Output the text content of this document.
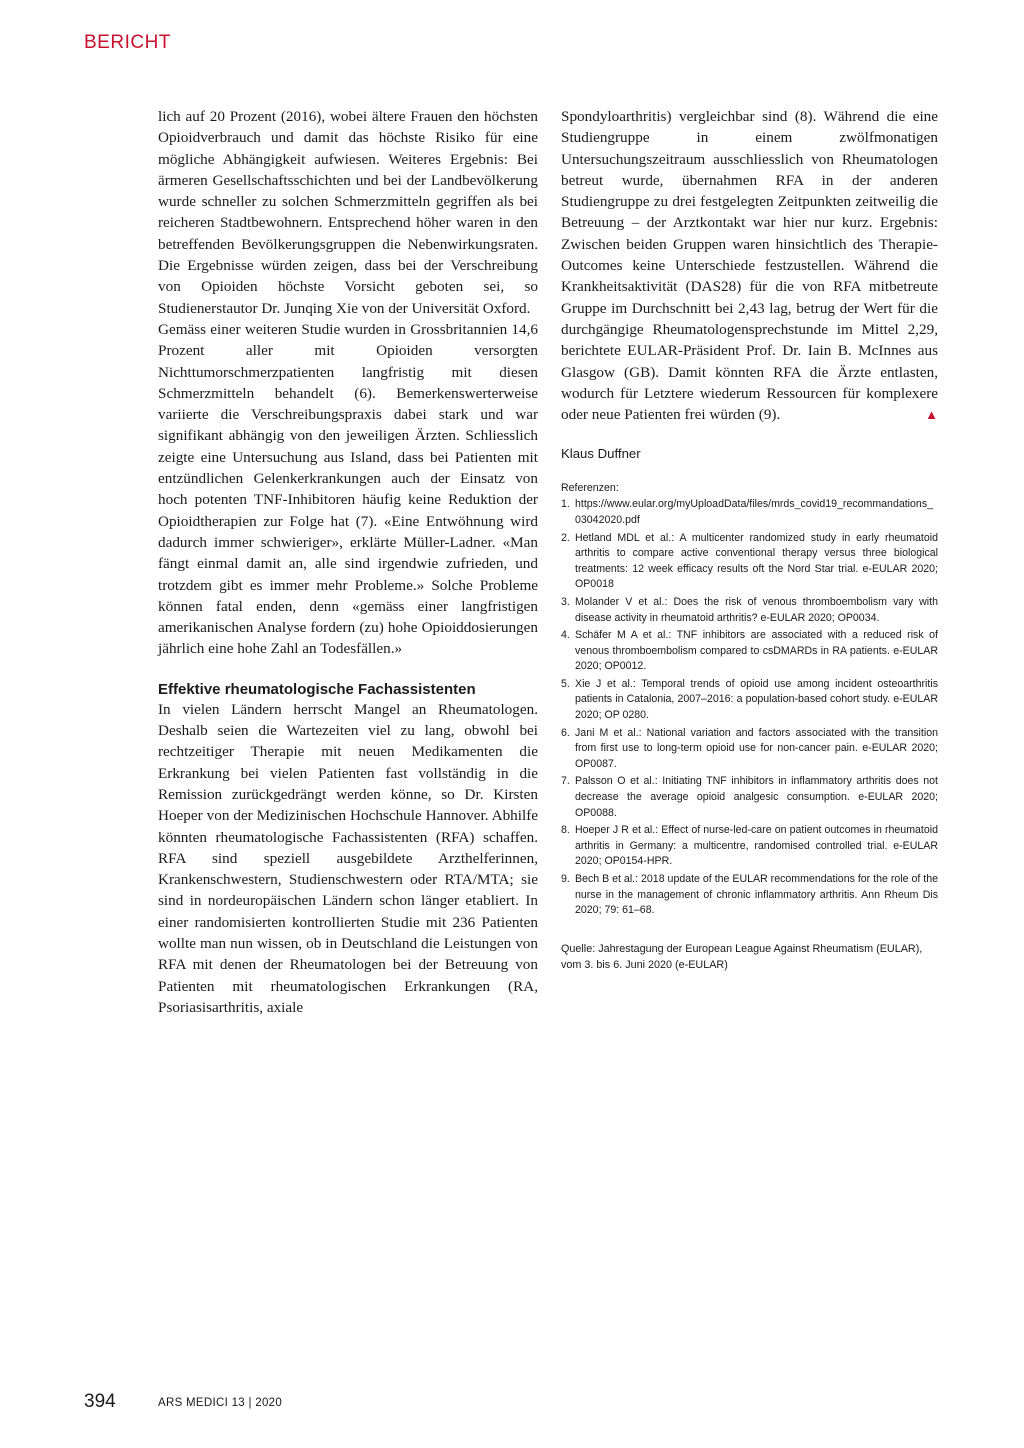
BERICHT

lich auf 20 Prozent (2016), wobei ältere Frauen den höchsten Opioidverbrauch und damit das höchste Risiko für eine mögliche Abhängigkeit aufwiesen. Weiteres Ergebnis: Bei ärmeren Gesellschaftsschichten und bei der Landbevölkerung wurde schneller zu solchen Schmerzmitteln gegriffen als bei reicheren Stadtbewohnern. Entsprechend höher waren in den betreffenden Bevölkerungsgruppen die Nebenwirkungsraten. Die Ergebnisse würden zeigen, dass bei der Verschreibung von Opioiden höchste Vorsicht geboten sei, so Studienerstautor Dr. Junqing Xie von der Universität Oxford.

Gemäss einer weiteren Studie wurden in Grossbritannien 14,6 Prozent aller mit Opioiden versorgten Nichttumorschmerzpatienten langfristig mit diesen Schmerzmitteln behandelt (6). Bemerkenswerterweise variierte die Verschreibungspraxis dabei stark und war signifikant abhängig von den jeweiligen Ärzten. Schliesslich zeigte eine Untersuchung aus Island, dass bei Patienten mit entzündlichen Gelenkerkrankungen auch der Einsatz von hoch potenten TNF-Inhibitoren häufig keine Reduktion der Opioidtherapien zur Folge hat (7). «Eine Entwöhnung wird dadurch immer schwieriger», erklärte Müller-Ladner. «Man fängt einmal damit an, alle sind irgendwie zufrieden, und trotzdem gibt es immer mehr Probleme.» Solche Probleme können fatal enden, denn «gemäss einer langfristigen amerikanischen Analyse fordern (zu) hohe Opioiddosierungen jährlich eine hohe Zahl an Todesfällen.»

Effektive rheumatologische Fachassistenten

In vielen Ländern herrscht Mangel an Rheumatologen. Deshalb seien die Wartezeiten viel zu lang, obwohl bei rechtzeitiger Therapie mit neuen Medikamenten die Erkrankung bei vielen Patienten fast vollständig in die Remission zurückgedrängt werden könne, so Dr. Kirsten Hoeper von der Medizinischen Hochschule Hannover. Abhilfe könnten rheumatologische Fachassistenten (RFA) schaffen. RFA sind speziell ausgebildete Arzthelferinnen, Krankenschwestern, Studienschwestern oder RTA/MTA; sie sind in nordeuropäischen Ländern schon länger etabliert. In einer randomisierten kontrollierten Studie mit 236 Patienten wollte man nun wissen, ob in Deutschland die Leistungen von RFA mit denen der Rheumatologen bei der Betreuung von Patienten mit rheumatologischen Erkrankungen (RA, Psoriasisarthritis, axiale

Spondyloarthritis) vergleichbar sind (8). Während die eine Studiengruppe in einem zwölfmonatigen Untersuchungszeitraum ausschliesslich von Rheumatologen betreut wurde, übernahmen RFA in der anderen Studiengruppe zu drei festgelegten Zeitpunkten zeitweilig die Betreuung – der Arztkontakt war hier nur kurz. Ergebnis: Zwischen beiden Gruppen waren hinsichtlich des Therapie-Outcomes keine Unterschiede festzustellen. Während die Krankheitsaktivität (DAS28) für die von RFA mitbetreute Gruppe im Durchschnitt bei 2,43 lag, betrug der Wert für die durchgängige Rheumatologensprechstunde im Mittel 2,29, berichtete EULAR-Präsident Prof. Dr. Iain B. McInnes aus Glasgow (GB). Damit könnten RFA die Ärzte entlasten, wodurch für Letztere wiederum Ressourcen für komplexere oder neue Patienten frei würden (9).	▲

Klaus Duffner
Referenzen:
1. https://www.eular.org/myUploadData/files/mrds_covid19_recommandations_03042020.pdf
2. Hetland MDL et al.: A multicenter randomized study in early rheumatoid arthritis to compare active conventional therapy versus three biological treatments: 12 week efficacy results oft the Nord Star trial. e-EULAR 2020; OP0018
3. Molander V et al.: Does the risk of venous thromboembolism vary with disease activity in rheumatoid arthritis? e-EULAR 2020; OP0034.
4. Schäfer M A et al.: TNF inhibitors are associated with a reduced risk of venous thromboembolism compared to csDMARDs in RA patients. e-EULAR 2020; OP0012.
5. Xie J et al.: Temporal trends of opioid use among incident osteoarthritis patients in Catalonia, 2007–2016: a population-based cohort study. e-EULAR 2020; OP 0280.
6. Jani M et al.: National variation and factors associated with the transition from first use to long-term opioid use for non-cancer pain. e-EULAR 2020; OP0087.
7. Palsson O et al.: Initiating TNF inhibitors in inflammatory arthritis does not decrease the average opioid analgesic consumption. e-EULAR 2020; OP0088.
8. Hoeper J R et al.: Effect of nurse-led-care on patient outcomes in rheumatoid arthritis in Germany: a multicentre, randomised controlled trial. e-EULAR 2020; OP0154-HPR.
9. Bech B et al.: 2018 update of the EULAR recommendations for the role of the nurse in the management of chronic inflammatory arthritis. Ann Rheum Dis 2020; 79: 61–68.
Quelle: Jahrestagung der European League Against Rheumatism (EULAR), vom 3. bis 6. Juni 2020 (e-EULAR)
394	ARS MEDICI 13 | 2020
